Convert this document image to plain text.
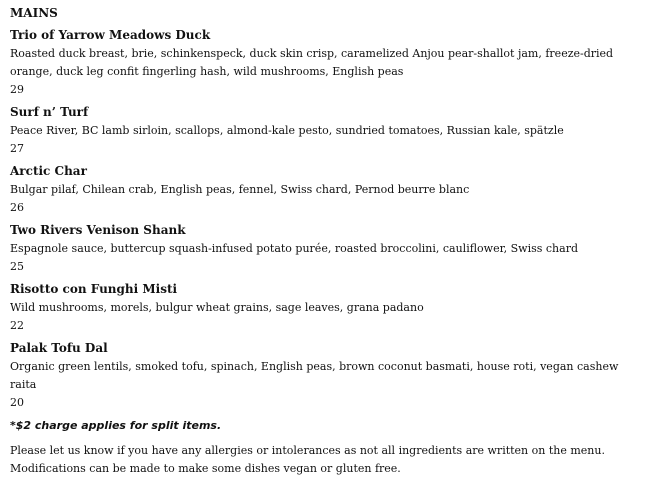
MAINS
Trio of Yarrow Meadows Duck
Roasted duck breast, brie, schinkenspeck, duck skin crisp, caramelized Anjou pear-shallot jam, freeze-dried orange, duck leg confit fingerling hash, wild mushrooms, English peas
29
Surf n’ Turf
Peace River, BC lamb sirloin, scallops, almond-kale pesto, sundried tomatoes, Russian kale, spätzle
27
Arctic Char
Bulgar pilaf, Chilean crab, English peas, fennel, Swiss chard, Pernod beurre blanc
26
Two Rivers Venison Shank
Espagnole sauce, buttercup squash-infused potato purée, roasted broccolini, cauliflower, Swiss chard
25
Risotto con Funghi Misti
Wild mushrooms, morels, bulgur wheat grains, sage leaves, grana padano
22
Palak Tofu Dal
Organic green lentils, smoked tofu, spinach, English peas, brown coconut basmati, house roti, vegan cashew raita
20
*$2 charge applies for split items.
Please let us know if you have any allergies or intolerances as not all ingredients are written on the menu. Modifications can be made to make some dishes vegan or gluten free.
